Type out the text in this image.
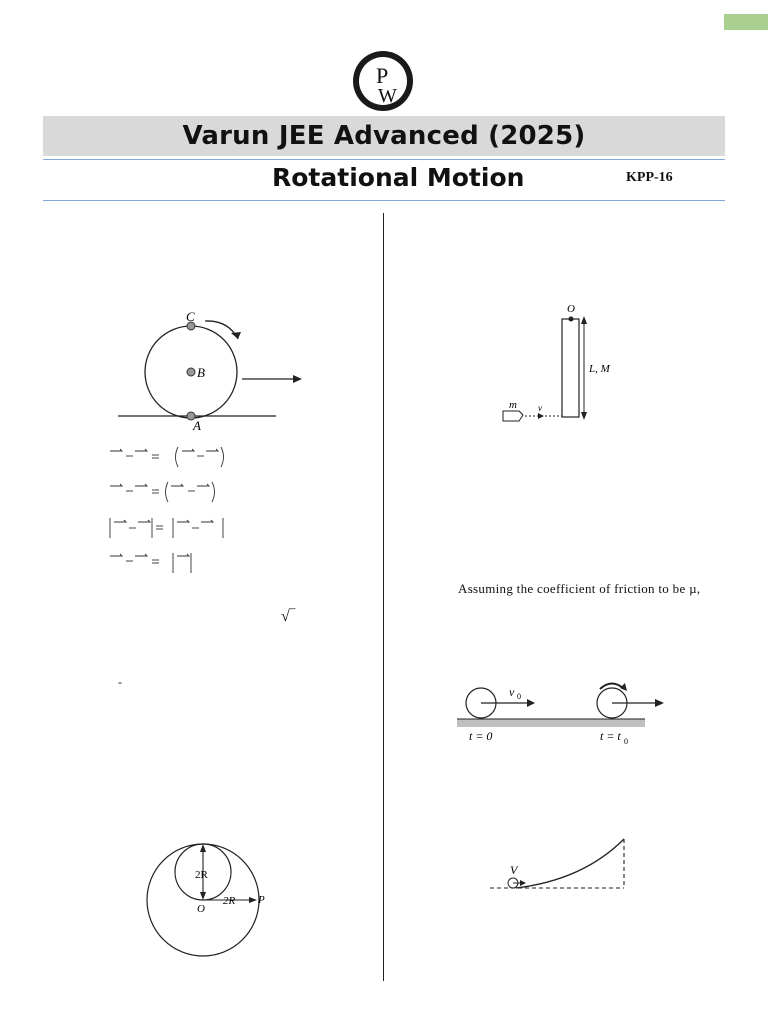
P
W
Varun JEE Advanced (2025)
Rotational Motion	KPP-16
C
B
A
√‾
-
2R
2R
O
P
O
L, M
m v
Assuming the coefficient of friction to be µ,
v 0
t = 0	t = t 0
V
